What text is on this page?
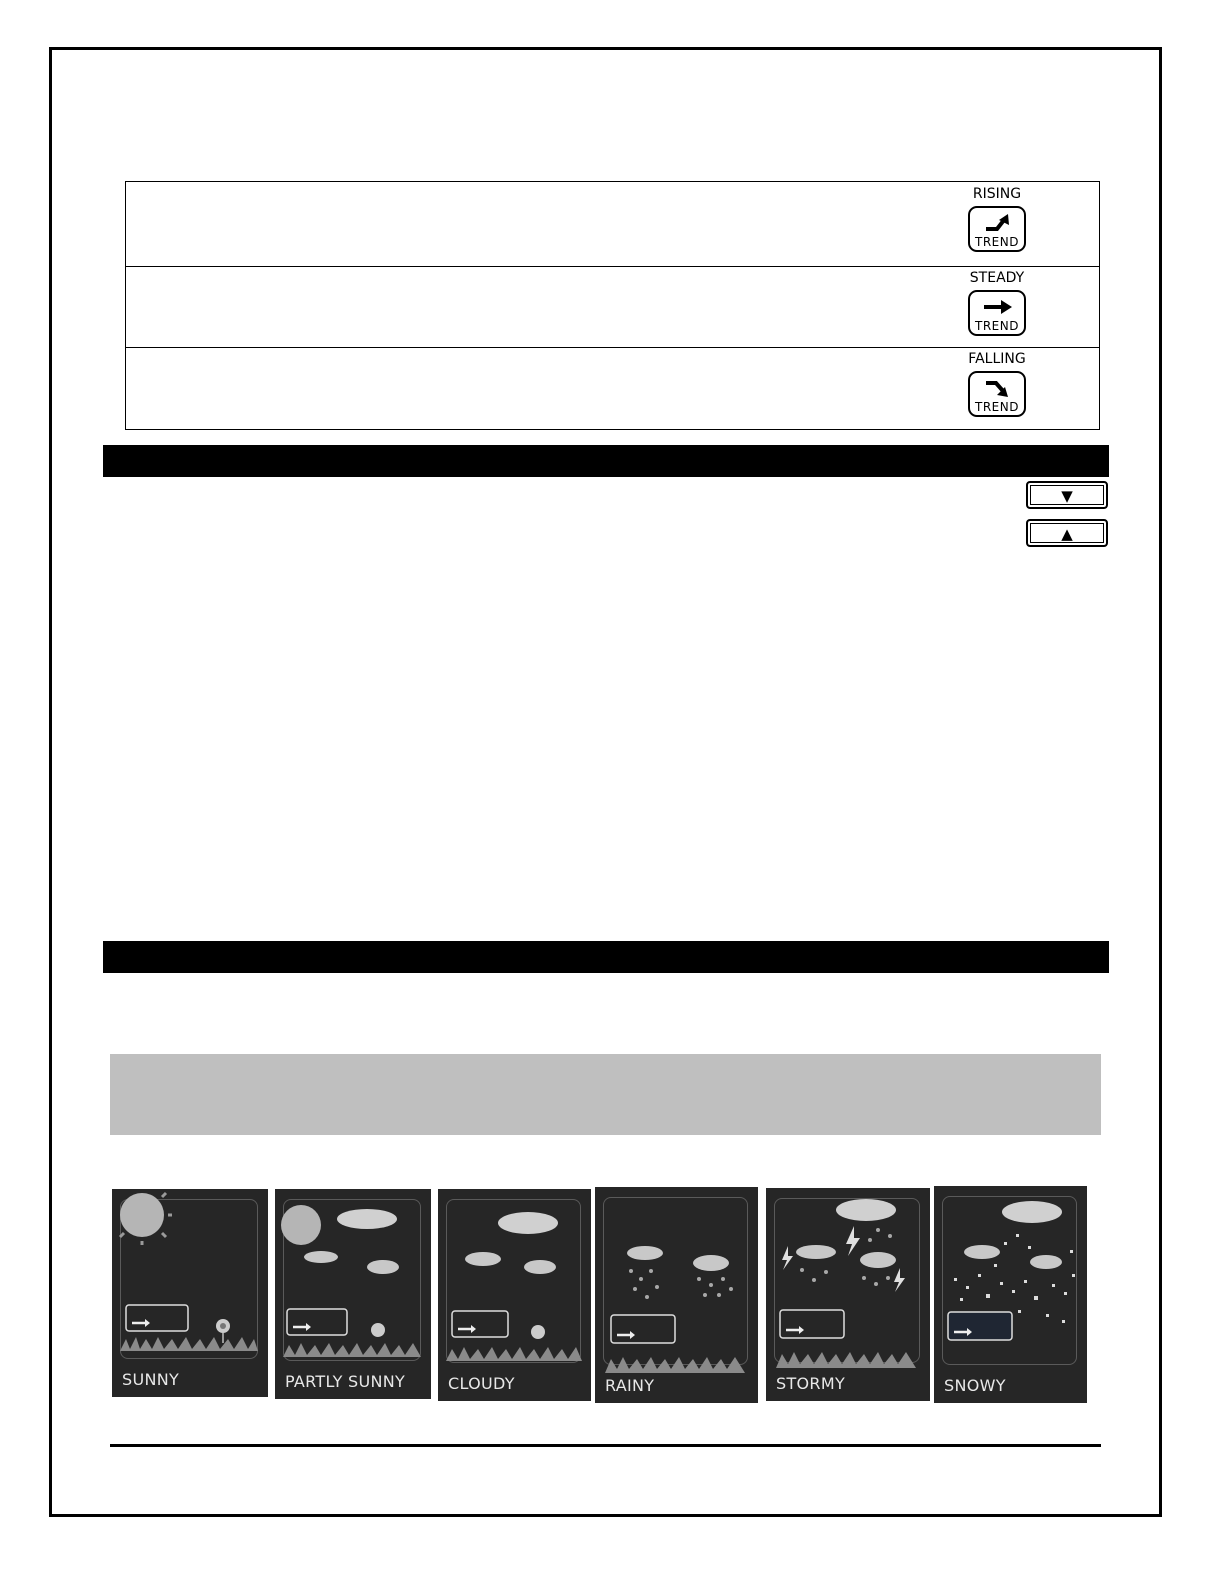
RISING
TREND
STEADY
TREND
FALLING
TREND
▼
▲
SUNNY	PARTLY SUNNY	CLOUDY	RAINY	STORMY	SNOWY
